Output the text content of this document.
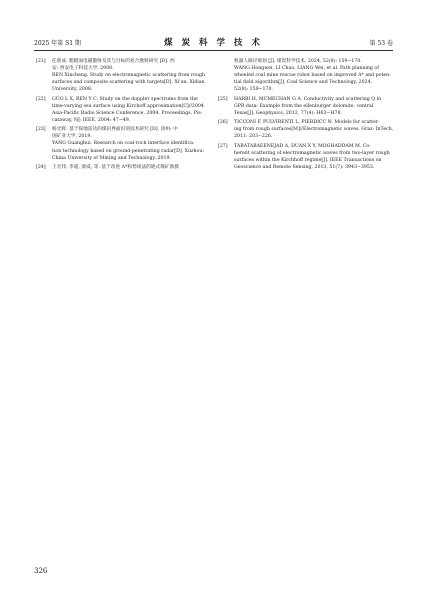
2025 年第 S1 期	煤 炭 科 学 技 术	第 53 卷
[21] 任新成. 粗糙面电磁散射及其与目标的复合散射研究 [D]. 西
安: 西安电子科技大学, 2008.
REN Xincheng. Study on electromagnetic scattering from rough
surfaces and composite scattering with targets[D]. Xi'an: Xidian
University, 2008.
[22] GUO L X, REN Y C. Study on the doppler spectrums from the
time-varying sea surface using Kirchoff approximation[C]//2004
Asia-Pacific Radio Science Conference, 2004. Proceedings. Pis-
cataway, NJ: IEEE, 2004: 47−49.
[23] 杨光辉. 基于探地雷达的煤岩界面识别技术研究 [D]. 徐州: 中
国矿业大学, 2019.
YANG Guanghui. Research on coal-rock interface identifica-
tion technology based on ground-penetrating radar[D]. Xuzhou:
China University of Mining and Technology, 2019.
[24] 王宏伟, 李超, 梁威, 等. 基于改进 A*和势场法的轮式煤矿救援
机器人路径规划 [J]. 煤炭科学技术, 2024, 52(8): 159−170.
WANG Hongwei, LI Chao, LIANG Wei, et al. Path planning of
wheeled coal mine rescue robot based on improved A* and poten-
tial field algorithm[J]. Coal Science and Technology, 2024,
52(8): 159−170.
[25] HARBI H, MCMECHAN G A. Conductivity and scattering Q in
GPR data: Example from the ellenburger dolomite, central
Texas[J]. Geophysics, 2012, 77(4): H63−H78.
[26] TICCONI F, PULVIRENTI L, PIERDICC N. Models for scatter-
ing from rough surfaces[M]//Electromagnetic waves. Graz: InTech,
2011: 203−226.
[27] TABATABAEENEJAD A, DUAN X Y, MOGHADDAM M. Co-
herent scattering of electromagnetic waves from two-layer rough
surfaces within the Kirchhoff regime[J]. IEEE Transactions on
Geoscience and Remote Sensing, 2013, 51(7): 3943−3953.
326
